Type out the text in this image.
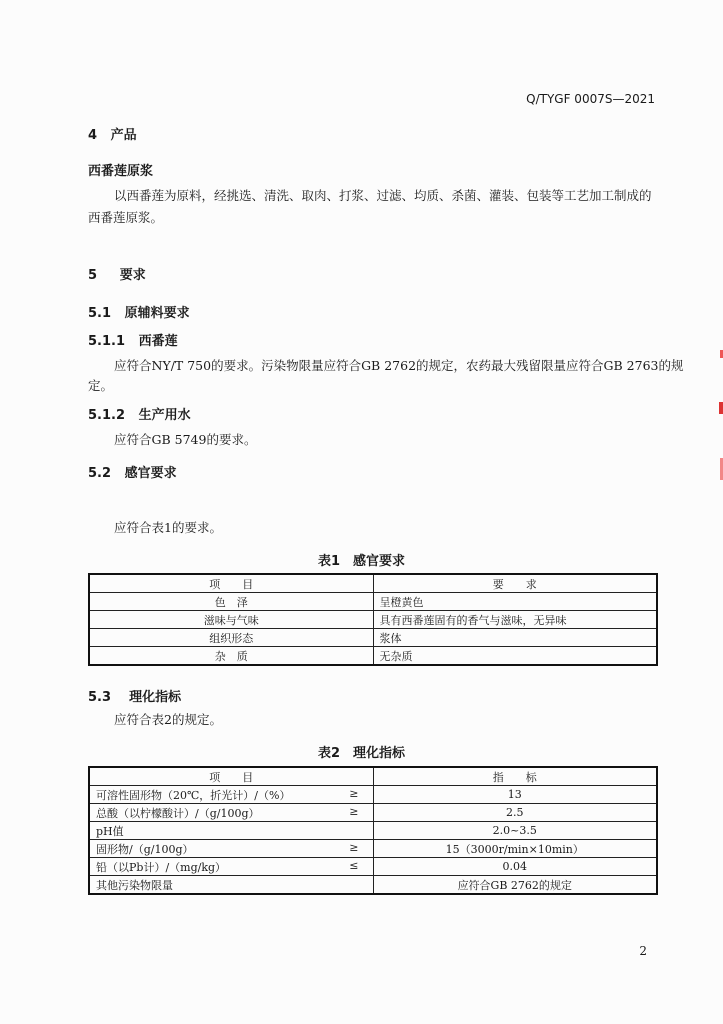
Q/TYGF 0007S—2021
4 产品
西番莲原浆
以西番莲为原料，经挑选、清洗、取肉、打浆、过滤、均质、杀菌、灌装、包装等工艺加工制成的
西番莲原浆。
5 要求
5.1 原辅料要求
5.1.1 西番莲
应符合NY/T 750的要求。污染物限量应符合GB 2762的规定，农药最大残留限量应符合GB 2763的规
定。
5.1.2 生产用水
应符合GB 5749的要求。
5.2 感官要求
应符合表1的要求。
表1　感官要求
项　　目	要　　求
色　泽	呈橙黄色
滋味与气味	具有西番莲固有的香气与滋味，无异味
组织形态	浆体
杂　质	无杂质
5.3 理化指标
应符合表2的规定。
表2　理化指标
项　　目	指　　标
可溶性固形物（20℃，折光计）/（%） ≥	13
总酸（以柠檬酸计）/（g/100g） ≥	2.5
pH值	2.0~3.5
固形物/（g/100g） ≥	15（3000r/min×10min）
铅（以Pb计）/（mg/kg） ≤	0.04
其他污染物限量	应符合GB 2762的规定
2
